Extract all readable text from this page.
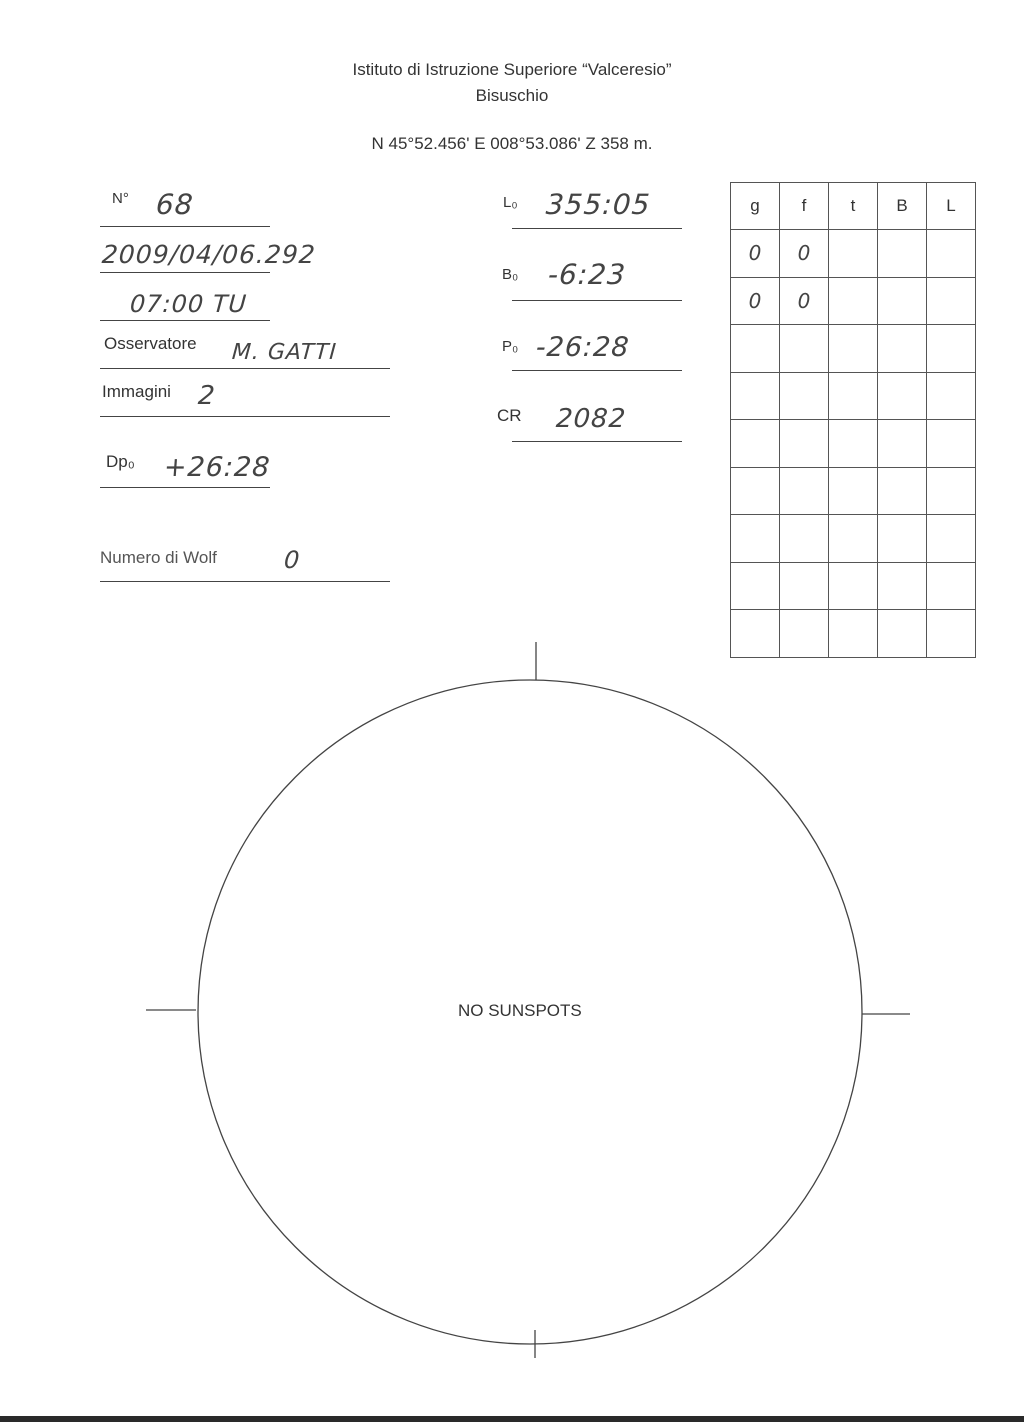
Istituto di Istruzione Superiore “Valceresio”
Bisuschio
N 45°52.456' E 008°53.086' Z 358 m.
N° 68
2009/04/06.292
07:00 TU
Osservatore M. GATTI
Immagini 2
Dp₀ +26:28
Numero di Wolf	0
L₀ 355:05
B₀ -6:23
P₀ -26:28
CR 2082
g	f	t	B	L
0	0			
0	0			

NO SUNSPOTS
